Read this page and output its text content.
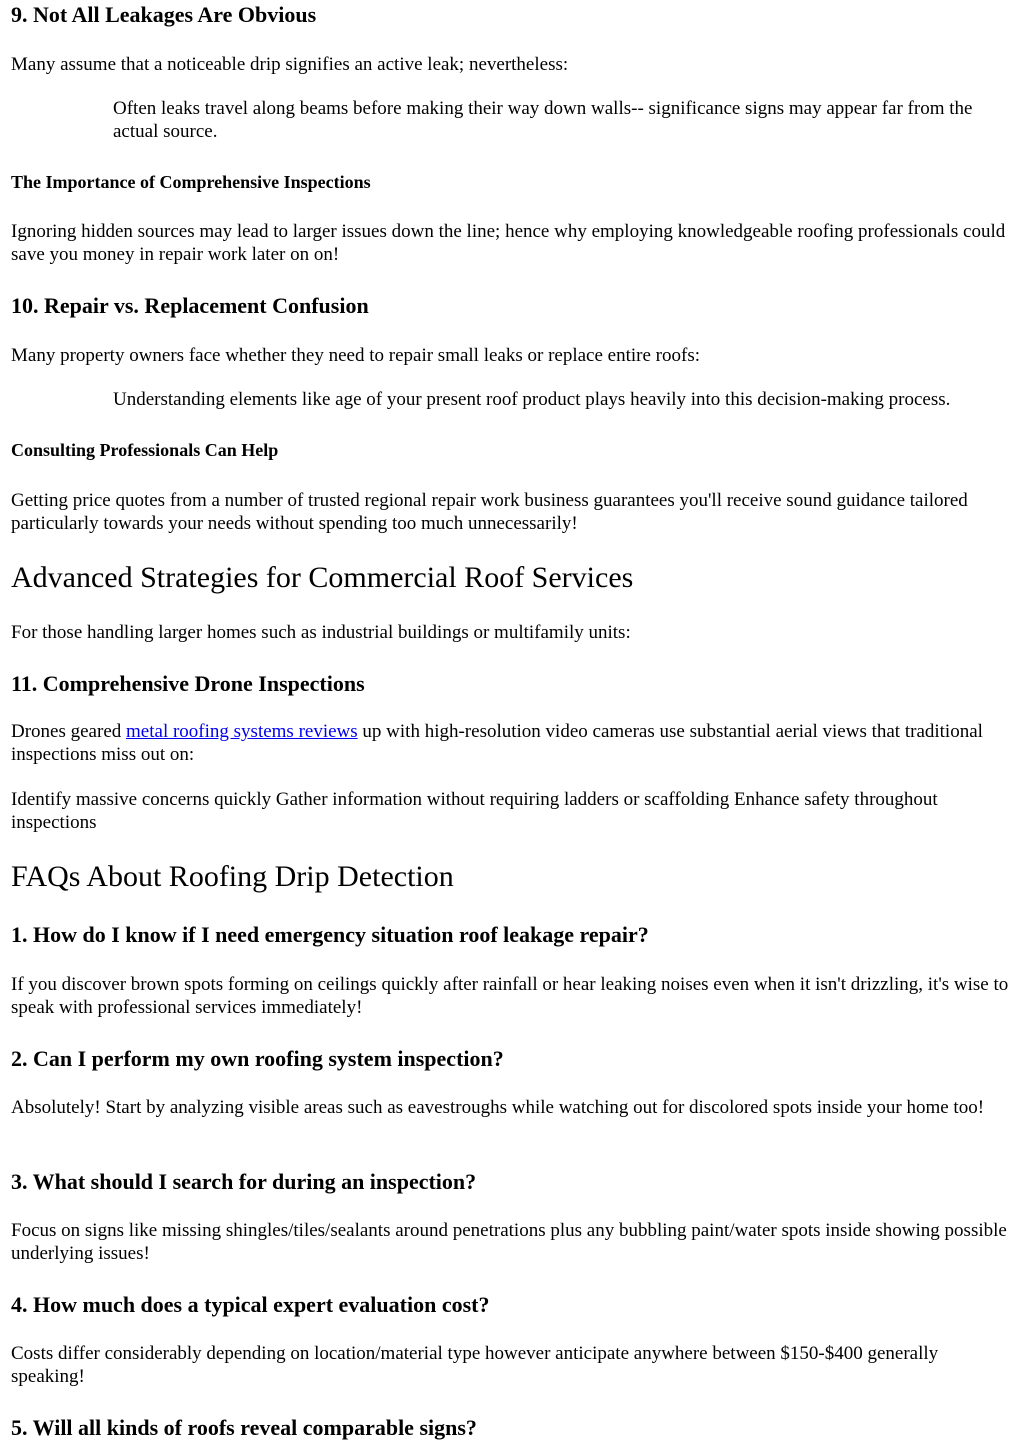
9. Not All Leakages Are Obvious

Many assume that a noticeable drip signifies an active leak; nevertheless:

Often leaks travel along beams before making their way down walls-- significance signs may appear far from the actual source.

The Importance of Comprehensive Inspections

Ignoring hidden sources may lead to larger issues down the line; hence why employing knowledgeable roofing professionals could save you money in repair work later on on!

10. Repair vs. Replacement Confusion

Many property owners face whether they need to repair small leaks or replace entire roofs:

Understanding elements like age of your present roof product plays heavily into this decision-making process.

Consulting Professionals Can Help

Getting price quotes from a number of trusted regional repair work business guarantees you'll receive sound guidance tailored particularly towards your needs without spending too much unnecessarily!

Advanced Strategies for Commercial Roof Services

For those handling larger homes such as industrial buildings or multifamily units:

11. Comprehensive Drone Inspections

Drones geared metal roofing systems reviews up with high-resolution video cameras use substantial aerial views that traditional inspections miss out on:

Identify massive concerns quickly Gather information without requiring ladders or scaffolding Enhance safety throughout inspections

FAQs About Roofing Drip Detection
1. How do I know if I need emergency situation roof leakage repair?

If you discover brown spots forming on ceilings quickly after rainfall or hear leaking noises even when it isn't drizzling, it's wise to speak with professional services immediately!

2. Can I perform my own roofing system inspection?

Absolutely! Start by analyzing visible areas such as eavestroughs while watching out for discolored spots inside your home too!

3. What should I search for during an inspection?

Focus on signs like missing shingles/tiles/sealants around penetrations plus any bubbling paint/water spots inside showing possible underlying issues!

4. How much does a typical expert evaluation cost?

Costs differ considerably depending on location/material type however anticipate anywhere between $150-$400 generally speaking!

5. Will all kinds of roofs reveal comparable signs?
